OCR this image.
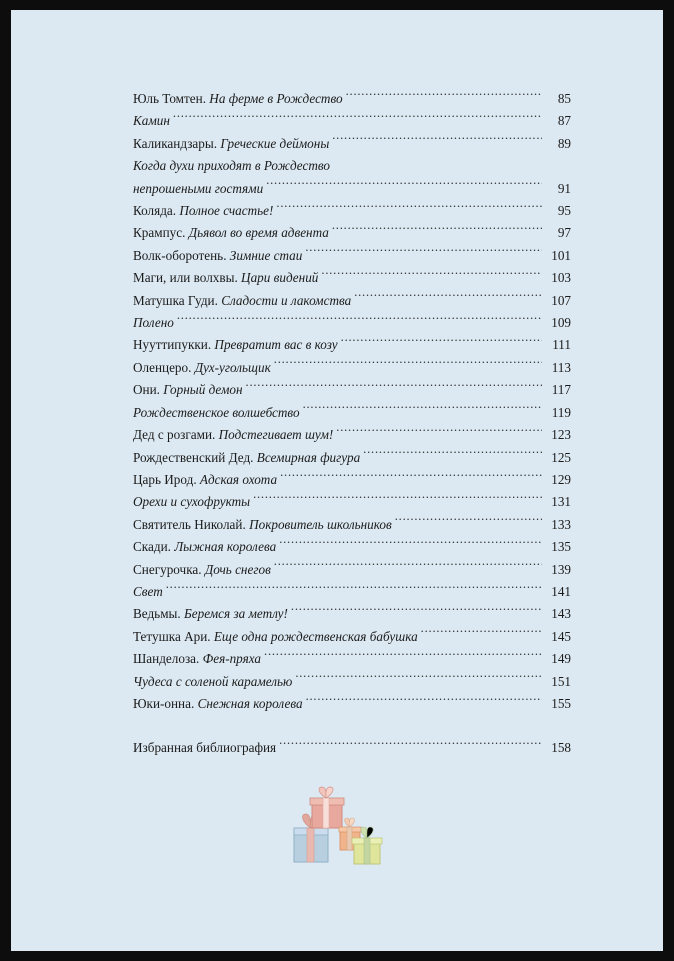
Юль Томтен. На ферме в Рождество .....	85
Камин .....	87
Каликандзары. Греческие деймоны .....	89
Когда духи приходят в Рождество
непрошеными гостями .....	91
Коляда. Полное счастье! .....	95
Крампус. Дьявол во время адвента .....	97
Волк-оборотень. Зимние стаи .....	101
Маги, или волхвы. Цари видений .....	103
Матушка Гуди. Сладости и лакомства .....	107
Полено .....	109
Нууттипукки. Превратит вас в козу .....	111
Оленцеро. Дух-угольщик .....	113
Они. Горный демон .....	117
Рождественское волшебство .....	119
Дед с розгами. Подстегивает шум! .....	123
Рождественский Дед. Всемирная фигура .....	125
Царь Ирод. Адская охота .....	129
Орехи и сухофрукты .....	131
Святитель Николай. Покровитель школьников .....	133
Скади. Лыжная королева .....	135
Снегурочка. Дочь снегов .....	139
Свет .....	141
Ведьмы. Беремся за метлу! .....	143
Тетушка Ари. Еще одна рождественская бабушка .....	145
Шанделоза. Фея-пряха .....	149
Чудеса с соленой карамелью .....	151
Юки-онна. Снежная королева .....	155
Избранная библиография .....	158
